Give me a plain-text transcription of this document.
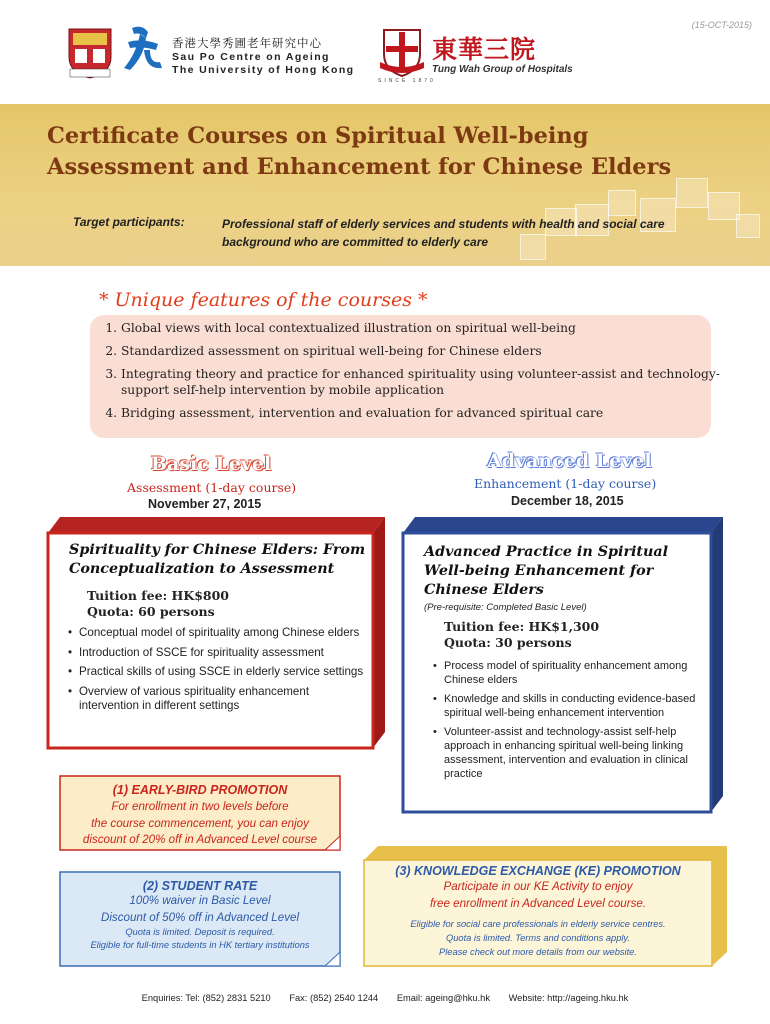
(15-OCT-2015)
香港大學秀圃老年研究中心
Sau Po Centre on Ageing
The University of Hong Kong
SINCE 1870
東華三院
Tung Wah Group of Hospitals
Certificate Courses on Spiritual Well-being
Assessment and Enhancement for Chinese Elders
Target participants:	Professional staff of elderly services and students with health and social care
background who are committed to elderly care
* Unique features of the courses *
1. Global views with local contextualized illustration on spiritual well-being
2. Standardized assessment on spiritual well-being for Chinese elders
3. Integrating theory and practice for enhanced spirituality using volunteer-assist and technology-support self-help intervention by mobile application
4. Bridging assessment, intervention and evaluation for advanced spiritual care
Basic Level
Assessment (1-day course)
November 27, 2015
Advanced Level
Enhancement (1-day course)
December 18, 2015
Spirituality for Chinese Elders: From
Conceptualization to Assessment
Tuition fee: HK$800
Quota: 60 persons
• Conceptual model of spirituality among Chinese elders
• Introduction of SSCE for spirituality assessment
• Practical skills of using SSCE in elderly service settings
• Overview of various spirituality enhancement intervention in different settings
Advanced Practice in Spiritual
Well-being Enhancement for
Chinese Elders
(Pre-requisite: Completed Basic Level)
Tuition fee: HK$1,300
Quota: 30 persons
• Process model of spirituality enhancement among Chinese elders
• Knowledge and skills in conducting evidence-based spiritual well-being enhancement intervention
• Volunteer-assist and technology-assist self-help approach in enhancing spiritual well-being linking assessment, intervention and evaluation in clinical practice
(1) EARLY-BIRD PROMOTION
For enrollment in two levels before
the course commencement, you can enjoy
discount of 20% off in Advanced Level course
(2) STUDENT RATE
100% waiver in Basic Level
Discount of 50% off in Advanced Level
Quota is limited. Deposit is required.
Eligible for full-time students in HK tertiary institutions
(3) KNOWLEDGE EXCHANGE (KE) PROMOTION
Participate in our KE Activity to enjoy
free enrollment in Advanced Level course.
Eligible for social care professionals in elderly service centres.
Quota is limited. Terms and conditions apply.
Please check out more details from our website.
Enquiries: Tel: (852) 2831 5210 Fax: (852) 2540 1244 Email: ageing@hku.hk Website: http://ageing.hku.hk
